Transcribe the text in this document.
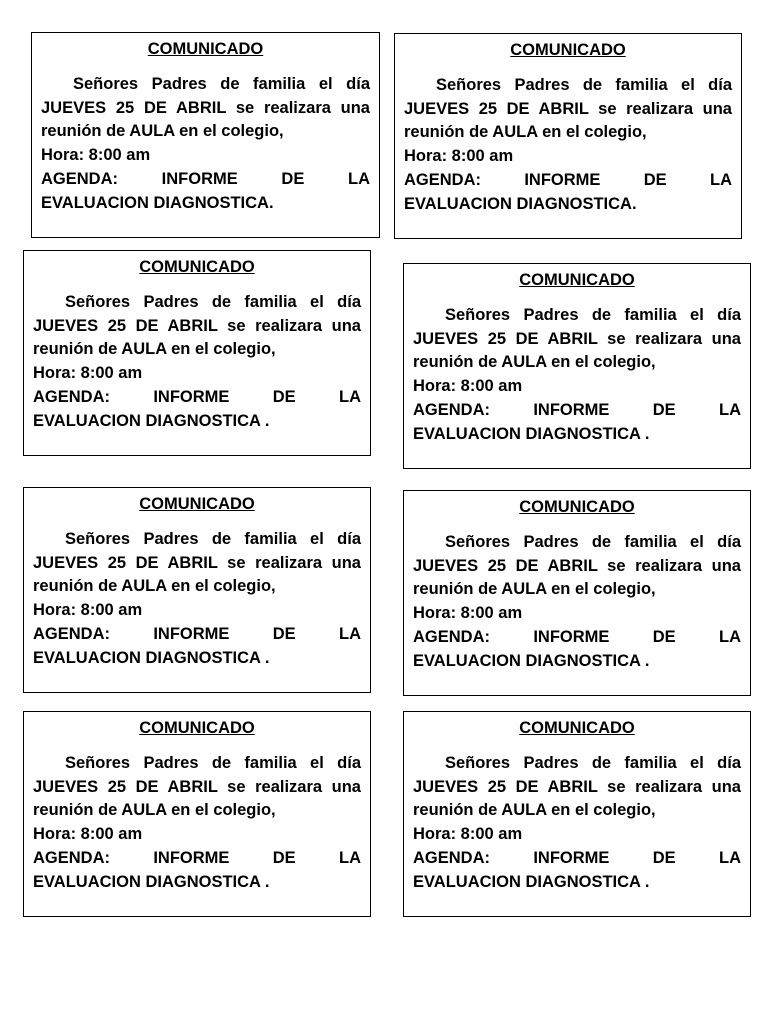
COMUNICADO
Señores Padres de familia el día
JUEVES 25 DE ABRIL se realizara una
reunión de AULA en el colegio,
Hora: 8:00 am
AGENDA: INFORME DE LA
EVALUACION DIAGNOSTICA.
COMUNICADO
Señores Padres de familia el día
JUEVES 25 DE ABRIL se realizara una
reunión de AULA en el colegio,
Hora: 8:00 am
AGENDA: INFORME DE LA
EVALUACION DIAGNOSTICA.
COMUNICADO
Señores Padres de familia el día
JUEVES 25 DE ABRIL se realizara una
reunión de AULA en el colegio,
Hora: 8:00 am
AGENDA: INFORME DE LA
EVALUACION DIAGNOSTICA .
COMUNICADO
Señores Padres de familia el día
JUEVES 25 DE ABRIL se realizara una
reunión de AULA en el colegio,
Hora: 8:00 am
AGENDA: INFORME DE LA
EVALUACION DIAGNOSTICA .
COMUNICADO
Señores Padres de familia el día
JUEVES 25 DE ABRIL se realizara una
reunión de AULA en el colegio,
Hora: 8:00 am
AGENDA: INFORME DE LA
EVALUACION DIAGNOSTICA .
COMUNICADO
Señores Padres de familia el día
JUEVES 25 DE ABRIL se realizara una
reunión de AULA en el colegio,
Hora: 8:00 am
AGENDA: INFORME DE LA
EVALUACION DIAGNOSTICA .
COMUNICADO
Señores Padres de familia el día
JUEVES 25 DE ABRIL se realizara una
reunión de AULA en el colegio,
Hora: 8:00 am
AGENDA: INFORME DE LA
EVALUACION DIAGNOSTICA .
COMUNICADO
Señores Padres de familia el día
JUEVES 25 DE ABRIL se realizara una
reunión de AULA en el colegio,
Hora: 8:00 am
AGENDA: INFORME DE LA
EVALUACION DIAGNOSTICA .
